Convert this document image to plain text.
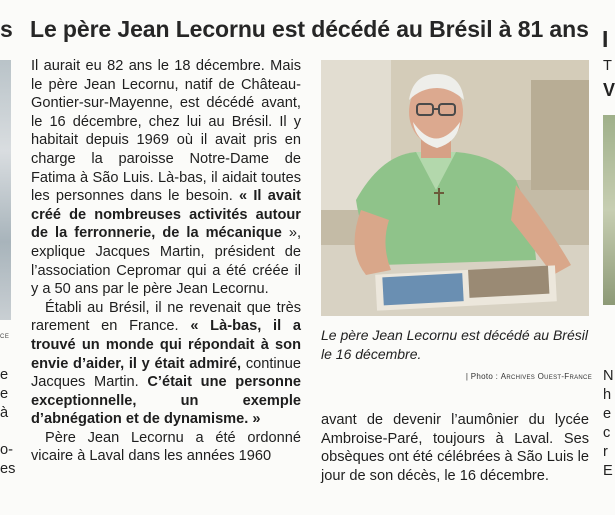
s
CE
e
e
à
o-
es
Le père Jean Lecornu est décédé au Brésil à 81 ans

Il aurait eu 82 ans le 18 décembre. Mais le père Jean Lecornu, natif de Château-Gontier-sur-Mayenne, est décédé avant, le 16 décembre, chez lui au Brésil. Il y habitait depuis 1969 où il avait pris en charge la paroisse Notre-Dame de Fatima à São Luis. Là-bas, il aidait toutes les personnes dans le besoin. « Il avait créé de nombreuses activités autour de la ferronnerie, de la mécanique », explique Jacques Martin, président de l’association Cepromar qui a été créée il y a 50 ans par le père Jean Lecornu.

Établi au Brésil, il ne revenait que très rarement en France. « Là-bas, il a trouvé un monde qui répondait à son envie d’aider, il y était admiré, continue Jacques Martin. C’était une personne exceptionnelle, un exemple d’abnégation et de dynamisme. »

Père Jean Lecornu a été ordonné vicaire à Laval dans les années 1960

Le père Jean Lecornu est décédé au Brésil le 16 décembre.
| Photo : Archives Ouest-France

avant de devenir l’aumônier du lycée Ambroise-Paré, toujours à Laval. Ses obsèques ont été célébrées à São Luis le jour de son décès, le 16 décembre.

I
T
V
N
h
e
c
r
E
